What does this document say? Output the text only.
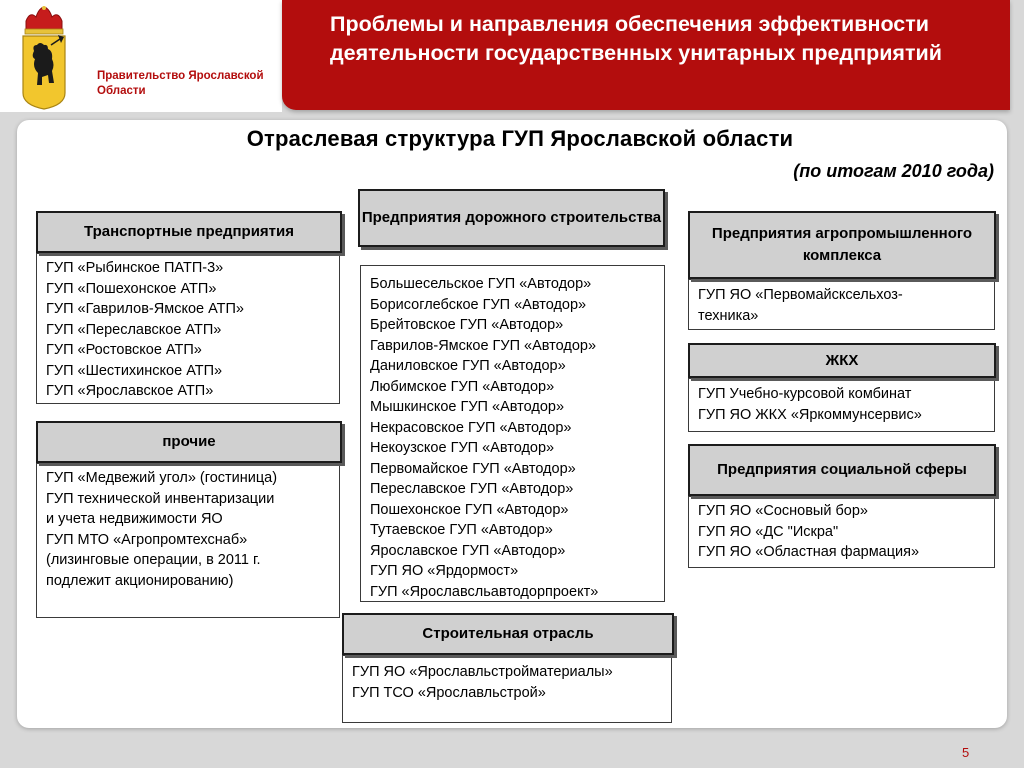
Правительство Ярославской Области
Проблемы и направления обеспечения эффективности деятельности государственных унитарных предприятий
Отраслевая структура ГУП Ярославской области
(по итогам 2010 года)
Транспортные предприятия
ГУП «Рыбинское ПАТП-3»
ГУП «Пошехонское АТП»
ГУП «Гаврилов-Ямское АТП»
ГУП «Переславское АТП»
ГУП «Ростовское АТП»
ГУП «Шестихинское АТП»
ГУП «Ярославское АТП»
прочие
ГУП «Медвежий угол» (гостиница)
ГУП технической инвентаризации
и учета недвижимости ЯО
ГУП МТО «Агропромтехснаб»
(лизинговые операции, в 2011 г.
подлежит акционированию)
Предприятия дорожного строительства
Большесельское ГУП «Автодор»
Борисоглебское ГУП «Автодор»
Брейтовское ГУП «Автодор»
Гаврилов-Ямское ГУП «Автодор»
Даниловское ГУП «Автодор»
Любимское ГУП «Автодор»
Мышкинское ГУП «Автодор»
Некрасовское ГУП «Автодор»
Некоузское ГУП «Автодор»
Первомайское ГУП «Автодор»
Переславское ГУП «Автодор»
Пошехонское ГУП «Автодор»
Тутаевское ГУП «Автодор»
Ярославское ГУП «Автодор»
ГУП ЯО «Ярдормост»
ГУП «Ярославсльавтодорпроект»
Строительная отрасль
ГУП ЯО «Ярославльстройматериалы»
ГУП ТСО «Ярославльстрой»
Предприятия агропромышленного комплекса
ГУП ЯО «Первомайсксельхоз-
техника»
ЖКХ
ГУП Учебно-курсовой комбинат
ГУП ЯО ЖКХ «Яркоммунсервис»
Предприятия социальной сферы
ГУП ЯО «Сосновый бор»
ГУП ЯО «ДС "Искра"
ГУП ЯО «Областная фармация»
5
